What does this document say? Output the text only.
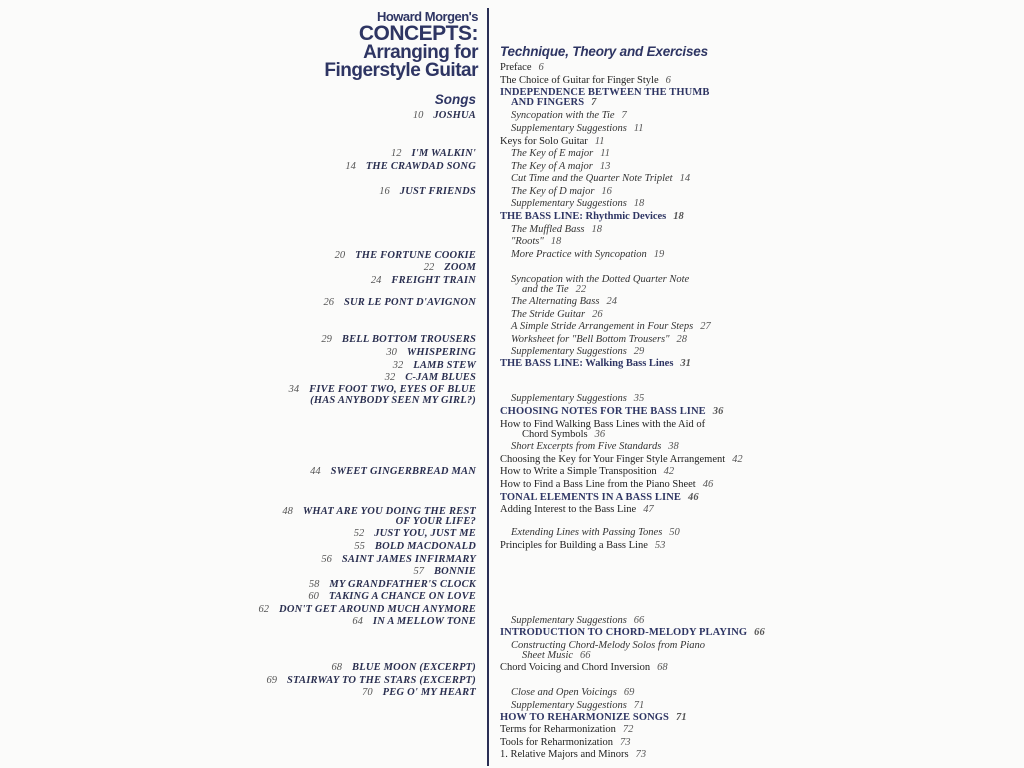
Howard Morgen's
CONCEPTS:
Arranging for
Fingerstyle Guitar
Technique, Theory and Exercises
Songs
10 JOSHUA
12 I'M WALKIN'
14 THE CRAWDAD SONG
16 JUST FRIENDS
20 THE FORTUNE COOKIE
22 ZOOM
24 FREIGHT TRAIN
26 SUR LE PONT D'AVIGNON
29 BELL BOTTOM TROUSERS
30 WHISPERING
32 LAMB STEW
32 C-JAM BLUES
34 FIVE FOOT TWO, EYES OF BLUE
(HAS ANYBODY SEEN MY GIRL?)
44 SWEET GINGERBREAD MAN
48 WHAT ARE YOU DOING THE REST
OF YOUR LIFE?
52 JUST YOU, JUST ME
55 BOLD MACDONALD
56 SAINT JAMES INFIRMARY
57 BONNIE
58 MY GRANDFATHER'S CLOCK
60 TAKING A CHANCE ON LOVE
62 DON'T GET AROUND MUCH ANYMORE
64 IN A MELLOW TONE
68 BLUE MOON (EXCERPT)
69 STAIRWAY TO THE STARS (EXCERPT)
70 PEG O' MY HEART
Preface 6
The Choice of Guitar for Finger Style 6
INDEPENDENCE BETWEEN THE THUMB
AND FINGERS 7
Syncopation with the Tie 7
Supplementary Suggestions 11
Keys for Solo Guitar 11
The Key of E major 11
The Key of A major 13
Cut Time and the Quarter Note Triplet 14
The Key of D major 16
Supplementary Suggestions 18
THE BASS LINE: Rhythmic Devices 18
The Muffled Bass 18
"Roots" 18
More Practice with Syncopation 19
Syncopation with the Dotted Quarter Note
and the Tie 22
The Alternating Bass 24
The Stride Guitar 26
A Simple Stride Arrangement in Four Steps 27
Worksheet for "Bell Bottom Trousers" 28
Supplementary Suggestions 29
THE BASS LINE: Walking Bass Lines 31
Supplementary Suggestions 35
CHOOSING NOTES FOR THE BASS LINE 36
How to Find Walking Bass Lines with the Aid of
Chord Symbols 36
Short Excerpts from Five Standards 38
Choosing the Key for Your Finger Style Arrangement 42
How to Write a Simple Transposition 42
How to Find a Bass Line from the Piano Sheet 46
TONAL ELEMENTS IN A BASS LINE 46
Adding Interest to the Bass Line 47
Extending Lines with Passing Tones 50
Principles for Building a Bass Line 53
Supplementary Suggestions 66
INTRODUCTION TO CHORD-MELODY PLAYING 66
Constructing Chord-Melody Solos from Piano
Sheet Music 66
Chord Voicing and Chord Inversion 68
Close and Open Voicings 69
Supplementary Suggestions 71
HOW TO REHARMONIZE SONGS 71
Terms for Reharmonization 72
Tools for Reharmonization 73
1. Relative Majors and Minors 73
